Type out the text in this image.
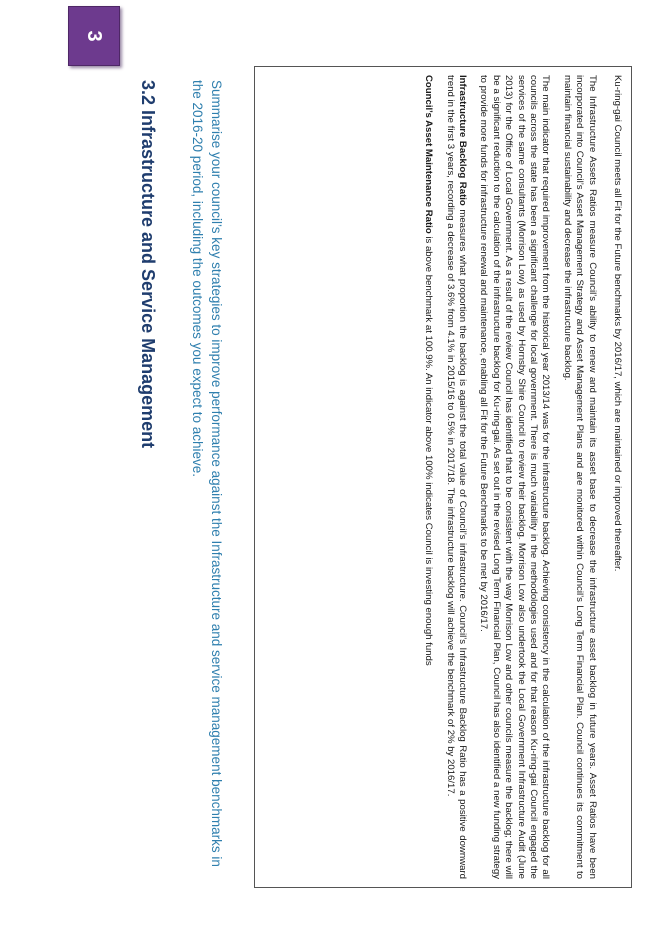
3
3.2 Infrastructure and Service Management	Summarise your council’s key strategies to improve performance against the Infrastructure and service management benchmarks in the 2016-20 period, including the outcomes you expect to achieve.	Ku-ring-gai Council meets all Fit for the Future benchmarks by 2016/17, which are maintained or improved thereafter.

The Infrastructure Assets Ratios measure Council’s ability to renew and maintain its asset base to decrease the infrastructure asset backlog in future years. Asset Ratios have been incorporated into Council’s Asset Management Strategy and Asset Management Plans and are monitored within Council’s Long Term Financial Plan. Council continues its commitment to maintain financial sustainability and decrease the infrastructure backlog.

The main indicator that required improvement from the historical year 2013/14 was for the infrastructure backlog. Achieving consistency in the calculation of the infrastructure backlog for all councils across the state has been a significant challenge for local government. There is much variability in the methodologies used and for that reason Ku-ring-gai Council engaged the services of the same consultants (Morrison Low) as used by Hornsby Shire Council to review their backlog. Morrison Low also undertook the Local Government Infrastructure Audit (June 2013) for the Office of Local Government. As a result of the review Council has identified that to be consistent with the way Morrison Low and other councils measure the backlog; there will be a significant reduction to the calculation of the infrastructure backlog for Ku-ring-gai. As set out in the revised Long Term Financial Plan, Council has also identified a new funding strategy to provide more funds for infrastructure renewal and maintenance, enabling all Fit for the Future Benchmarks to be met by 2016/17.

Infrastructure Backlog Ratio measures what proportion the backlog is against the total value of Council’s infrastructure. Council’s Infrastructure Backlog Ratio has a positive downward trend in the first 3 years, recording a decrease of 3.6% from 4.1% in 2015/16 to 0.5% in 2017/18. The infrastructure backlog will achieve the benchmark of 2% by 2016/17.

Council’s Asset Maintenance Ratio is above benchmark at 100.9%. An indicator above 100% indicates Council is investing enough funds
